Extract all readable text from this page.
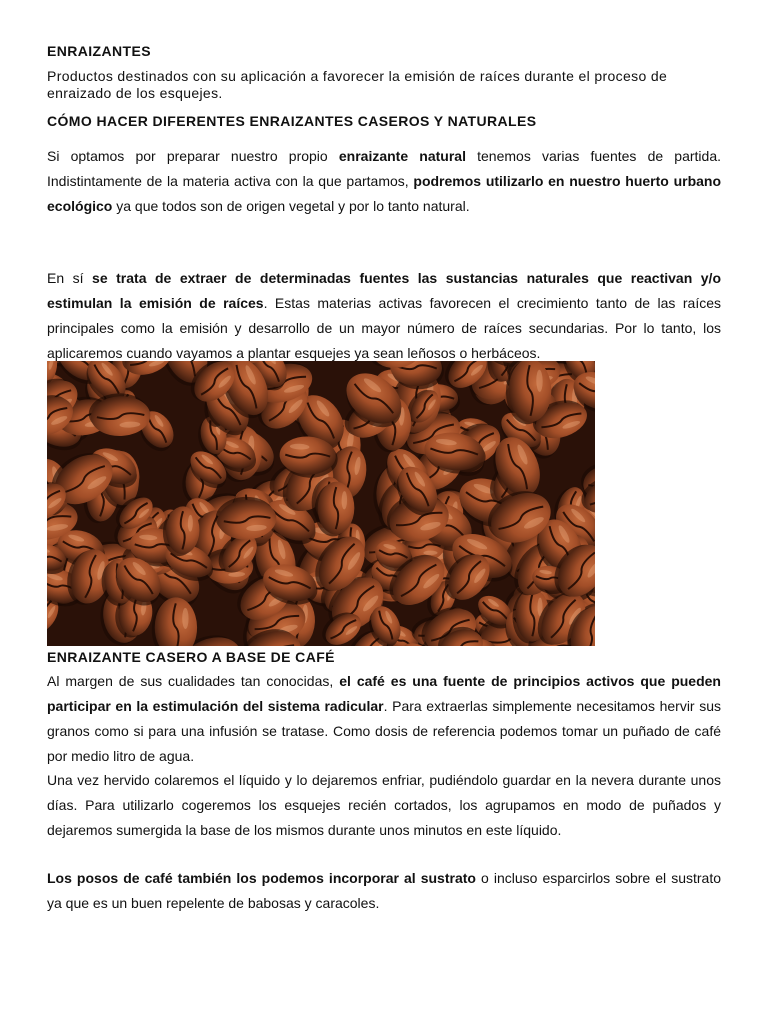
ENRAIZANTES

Productos destinados con su aplicación a favorecer la emisión de raíces durante el proceso de enraizado de los esquejes.

CÓMO HACER DIFERENTES ENRAIZANTES CASEROS Y NATURALES

Si optamos por preparar nuestro propio enraizante natural tenemos varias fuentes de partida. Indistintamente de la materia activa con la que partamos, podremos utilizarlo en nuestro huerto urbano ecológico ya que todos son de origen vegetal y por lo tanto natural.

En sí se trata de extraer de determinadas fuentes las sustancias naturales que reactivan y/o estimulan la emisión de raíces. Estas materias activas favorecen el crecimiento tanto de las raíces principales como la emisión y desarrollo de un mayor número de raíces secundarias. Por lo tanto, los aplicaremos cuando vayamos a plantar esquejes ya sean leñosos o herbáceos.

ENRAIZANTE CASERO A BASE DE CAFÉ

Al margen de sus cualidades tan conocidas, el café es una fuente de principios activos que pueden participar en la estimulación del sistema radicular. Para extraerlas simplemente necesitamos hervir sus granos como si para una infusión se tratase. Como dosis de referencia podemos tomar un puñado de café por medio litro de agua.

Una vez hervido colaremos el líquido y lo dejaremos enfriar, pudiéndolo guardar en la nevera durante unos días. Para utilizarlo cogeremos los esquejes recién cortados, los agrupamos en modo de puñados y dejaremos sumergida la base de los mismos durante unos minutos en este líquido.

Los posos de café también los podemos incorporar al sustrato o incluso esparcirlos sobre el sustrato ya que es un buen repelente de babosas y caracoles.
